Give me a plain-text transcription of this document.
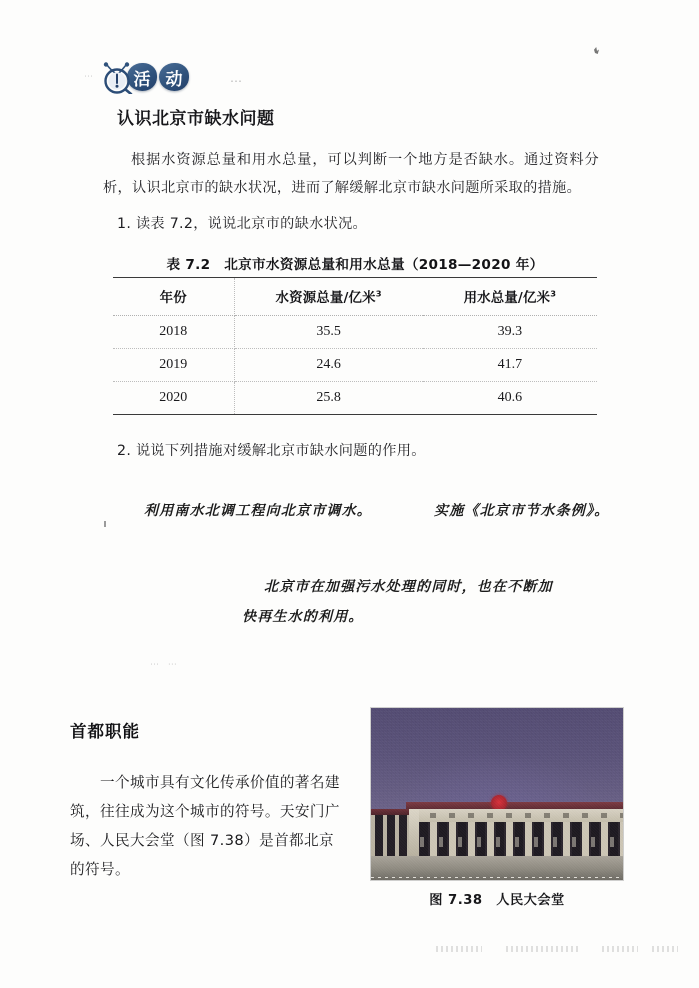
活 动	⋯
认识北京市缺水问题
根据水资源总量和用水总量，可以判断一个地方是否缺水。通过资料分析，认识北京市的缺水状况，进而了解缓解北京市缺水问题所采取的措施。
1. 读表 7.2，说说北京市的缺水状况。
表 7.2　北京市水资源总量和用水总量（2018—2020 年）
年份	水资源总量/亿米$^3$	用水总量/亿米$^3$
2018	35.5	39.3
2019	24.6	41.7
2020	25.8	40.6
2. 说说下列措施对缓解北京市缺水问题的作用。
利用南水北调工程向北京市调水。	实施《北京市节水条例》。
北京市在加强污水处理的同时，也在不断加快再生水的利用。
首都职能
一个城市具有文化传承价值的著名建筑，往往成为这个城市的符号。天安门广场、人民大会堂（图 7.38）是首都北京的符号。
图 7.38　人民大会堂
⋯
⋯ ⋯
